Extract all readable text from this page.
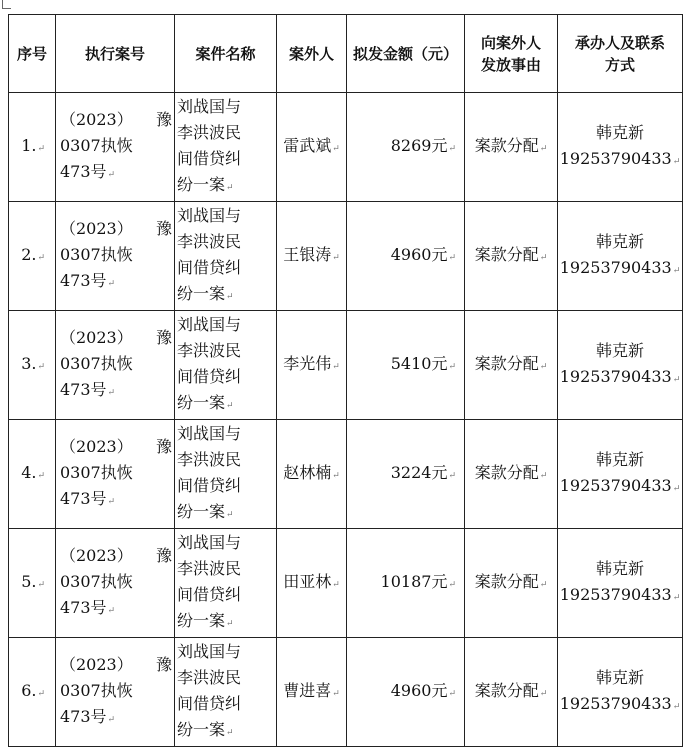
序号	执行案号	案件名称	案外人	拟发金额（元）	向案外人
发放事由	承办人及联系
方式

1.↵	（2023） 豫
0307执恢
473号↵	刘战国与
李洪波民
间借贷纠
纷一案↵	雷武斌↵	8269元↵	案款分配↵	韩克新
19253790433↵

2.↵	（2023） 豫
0307执恢
473号↵	刘战国与
李洪波民
间借贷纠
纷一案↵	王银涛↵	4960元↵	案款分配↵	韩克新
19253790433↵

3.↵	（2023） 豫
0307执恢
473号↵	刘战国与
李洪波民
间借贷纠
纷一案↵	李光伟↵	5410元↵	案款分配↵	韩克新
19253790433↵

4.↵	（2023） 豫
0307执恢
473号↵	刘战国与
李洪波民
间借贷纠
纷一案↵	赵林楠↵	3224元↵	案款分配↵	韩克新
19253790433↵

5.↵	（2023） 豫
0307执恢
473号↵	刘战国与
李洪波民
间借贷纠
纷一案↵	田亚林↵	10187元↵	案款分配↵	韩克新
19253790433↵

6.↵	（2023） 豫
0307执恢
473号↵	刘战国与
李洪波民
间借贷纠
纷一案↵	曹进喜↵	4960元↵	案款分配↵	韩克新
19253790433↵
